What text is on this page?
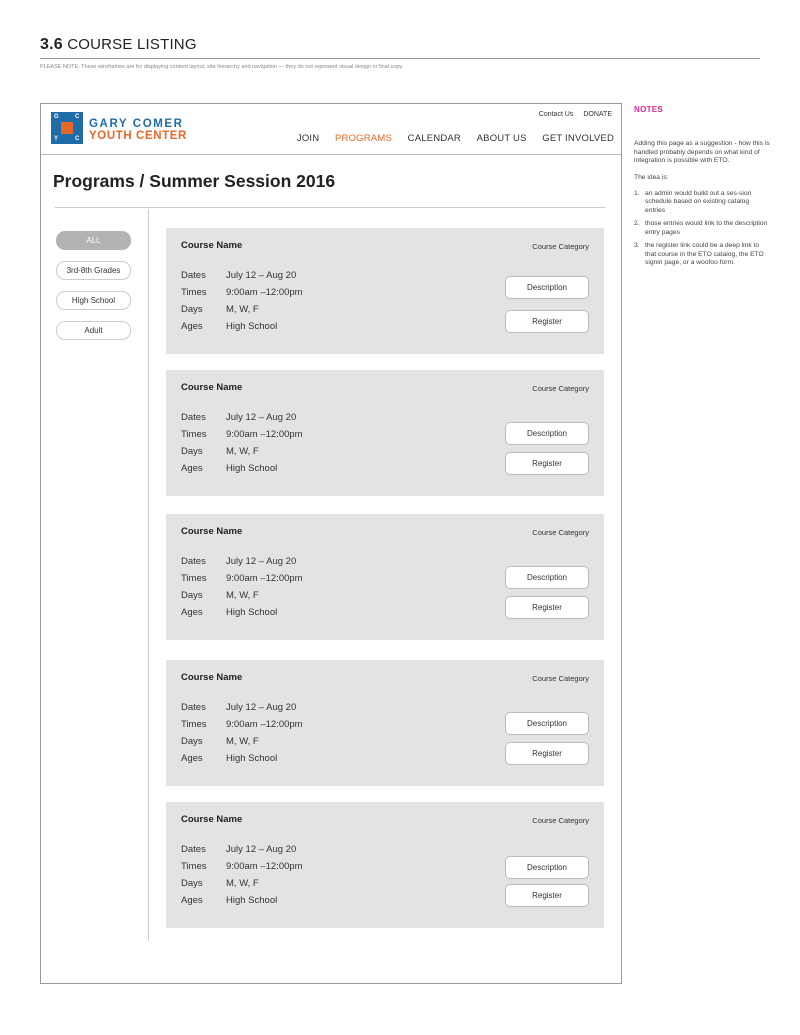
3.6 COURSE LISTING
PLEASE NOTE: These wireframes are for displaying content layout, site hierarchy and navigation — they do not represent visual design or final copy.
G	C
Y	C
GARY COMER
YOUTH CENTER
Contact Us DONATE
JOIN PROGRAMS CALENDAR ABOUT US GET INVOLVED
Programs / Summer Session 2016
ALL
3rd-8th Grades
High School
Adult
Course Name	Course Category
Dates July 12 – Aug 20
Times 9:00am –12:00pm
Days M, W, F
Ages High School
Description
Register
Course Name	Course Category
Dates July 12 – Aug 20
Times 9:00am –12:00pm
Days M, W, F
Ages High School
Description
Register
Course Name	Course Category
Dates July 12 – Aug 20
Times 9:00am –12:00pm
Days M, W, F
Ages High School
Description
Register
Course Name	Course Category
Dates July 12 – Aug 20
Times 9:00am –12:00pm
Days M, W, F
Ages High School
Description
Register
Course Name	Course Category
Dates July 12 – Aug 20
Times 9:00am –12:00pm
Days M, W, F
Ages High School
Description
Register
NOTES
Adding this page as a suggestion - how this is handled probably depends on what kind of integration is possible with ETO.
The idea is:
1. an admin would build out a ses-sion schedule based on existing catalog entries
2. those entries would link to the description entry pages
3. the register link could be a deep link to that course in the ETO catalog, the ETO signin page, or a woofoo form.
